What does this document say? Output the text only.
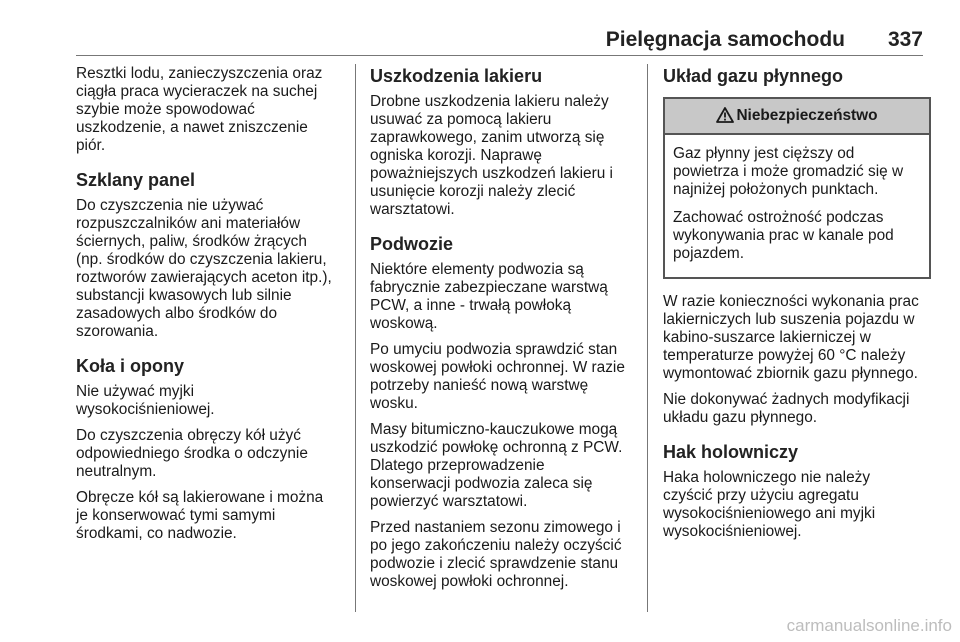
Pielęgnacja samochodu 337

Resztki lodu, zanieczyszczenia oraz
ciągła praca wycieraczek na suchej
szybie może spowodować
uszkodzenie, a nawet zniszczenie
piór.

Szklany panel

Do czyszczenia nie używać
rozpuszczalników ani materiałów
ściernych, paliw, środków żrących
(np. środków do czyszczenia lakieru,
roztworów zawierających aceton itp.),
substancji kwasowych lub silnie
zasadowych albo środków do
szorowania.

Koła i opony

Nie używać myjki
wysokociśnieniowej.

Do czyszczenia obręczy kół użyć
odpowiedniego środka o odczynie
neutralnym.

Obręcze kół są lakierowane i można
je konserwować tymi samymi
środkami, co nadwozie.

Uszkodzenia lakieru

Drobne uszkodzenia lakieru należy
usuwać za pomocą lakieru
zaprawkowego, zanim utworzą się
ogniska korozji. Naprawę
poważniejszych uszkodzeń lakieru i
usunięcie korozji należy zlecić
warsztatowi.

Podwozie

Niektóre elementy podwozia są
fabrycznie zabezpieczane warstwą
PCW, a inne - trwałą powłoką
woskową.

Po umyciu podwozia sprawdzić stan
woskowej powłoki ochronnej. W razie
potrzeby nanieść nową warstwę
wosku.

Masy bitumiczno-kauczukowe mogą
uszkodzić powłokę ochronną z PCW.
Dlatego przeprowadzenie
konserwacji podwozia zaleca się
powierzyć warsztatowi.

Przed nastaniem sezonu zimowego i
po jego zakończeniu należy oczyścić
podwozie i zlecić sprawdzenie stanu
woskowej powłoki ochronnej.

Układ gazu płynnego
Niebezpieczeństwo

Gaz płynny jest cięższy od
powietrza i może gromadzić się w
najniżej położonych punktach.

Zachować ostrożność podczas
wykonywania prac w kanale pod
pojazdem.

W razie konieczności wykonania prac
lakierniczych lub suszenia pojazdu w
kabino-suszarce lakierniczej w
temperaturze powyżej 60 °C należy
wymontować zbiornik gazu płynnego.

Nie dokonywać żadnych modyfikacji
układu gazu płynnego.

Hak holowniczy

Haka holowniczego nie należy
czyścić przy użyciu agregatu
wysokociśnieniowego ani myjki
wysokociśnieniowej.

carmanualsonline.info
